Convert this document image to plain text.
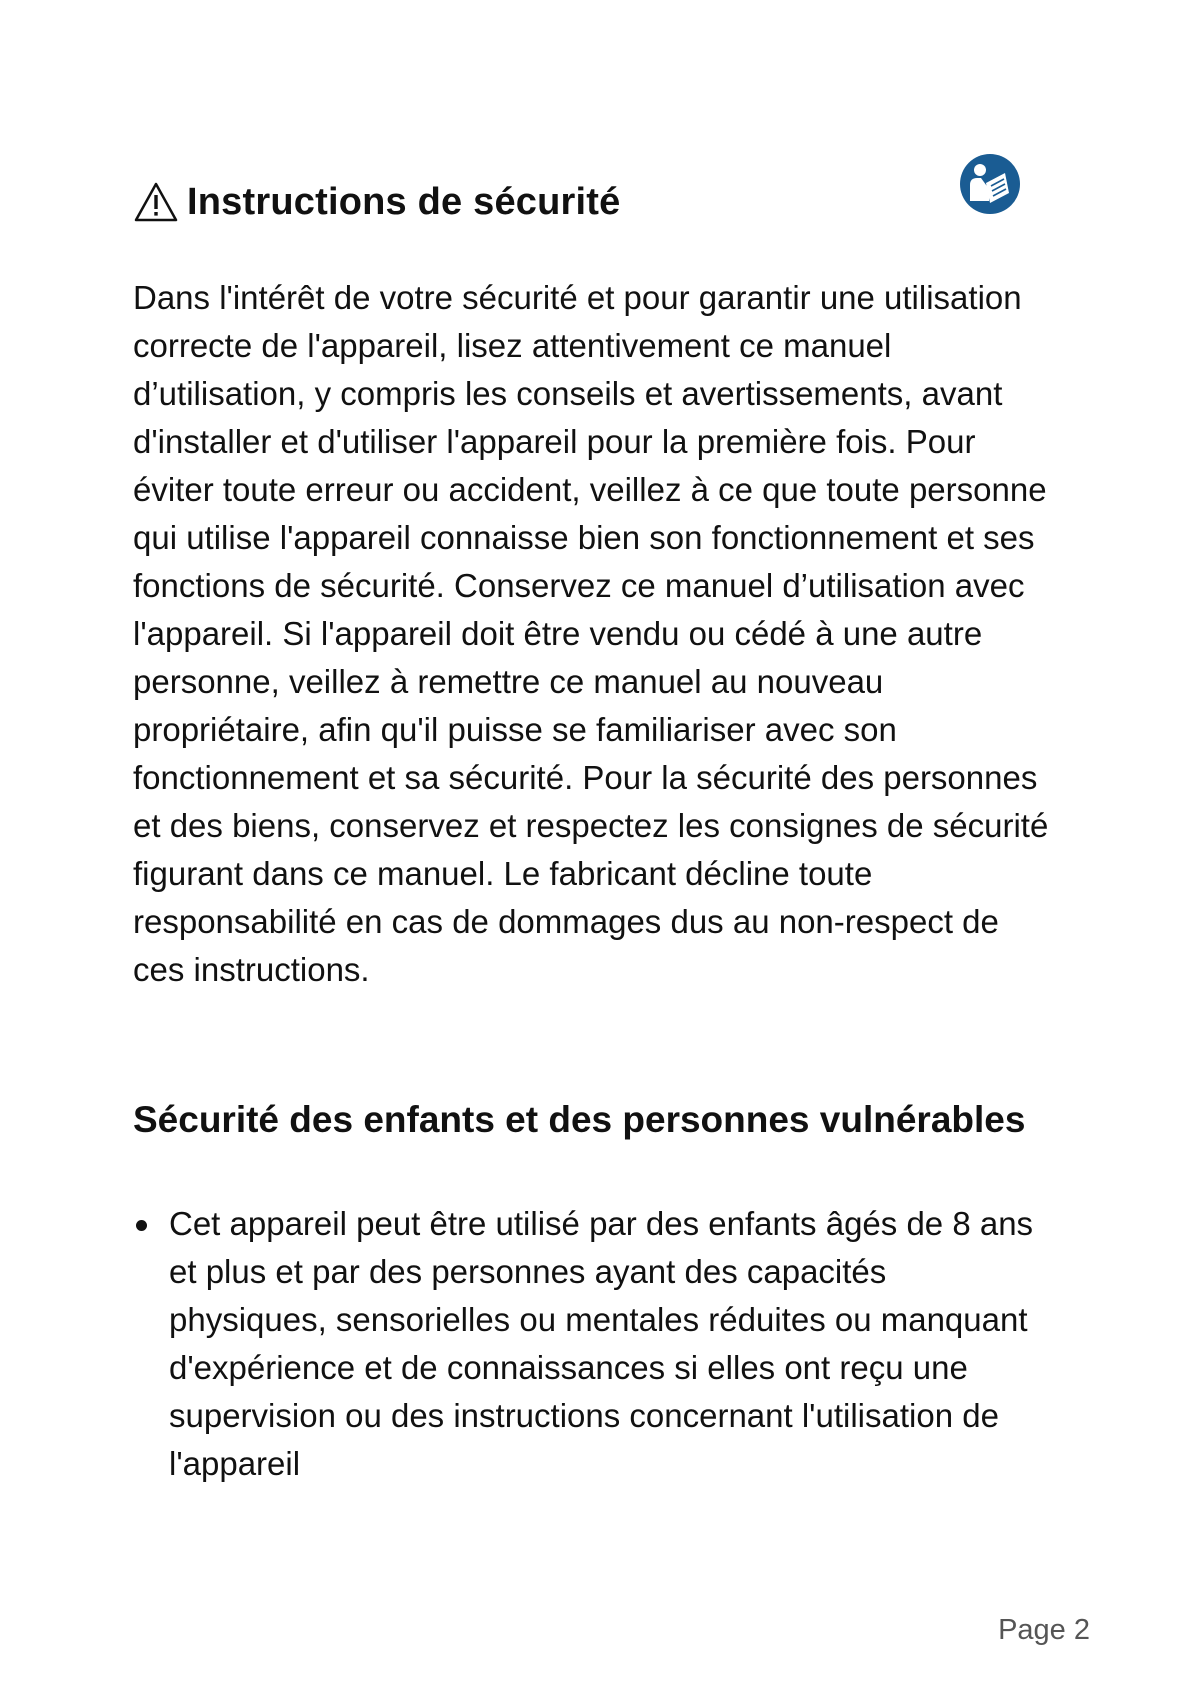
Instructions de sécurité

Dans l'intérêt de votre sécurité et pour garantir une utilisation correcte de l'appareil, lisez attentivement ce manuel d’utilisation, y compris les conseils et avertissements, avant d'installer et d'utiliser l'appareil pour la première fois. Pour éviter toute erreur ou accident, veillez à ce que toute personne qui utilise l'appareil connaisse bien son fonctionnement et ses fonctions de sécurité. Conservez ce manuel d’utilisation avec l'appareil. Si l'appareil doit être vendu ou cédé à une autre personne, veillez à remettre ce manuel au nouveau propriétaire, afin qu'il puisse se familiariser avec son fonctionnement et sa sécurité. Pour la sécurité des personnes et des biens, conservez et respectez les consignes de sécurité figurant dans ce manuel. Le fabricant décline toute responsabilité en cas de dommages dus au non-respect de ces instructions.

Sécurité des enfants et des personnes vulnérables
Cet appareil peut être utilisé par des enfants âgés de 8 ans et plus et par des personnes ayant des capacités physiques, sensorielles ou mentales réduites ou manquant d'expérience et de connaissances si elles ont reçu une supervision ou des instructions concernant l'utilisation de l'appareil
Page 2
